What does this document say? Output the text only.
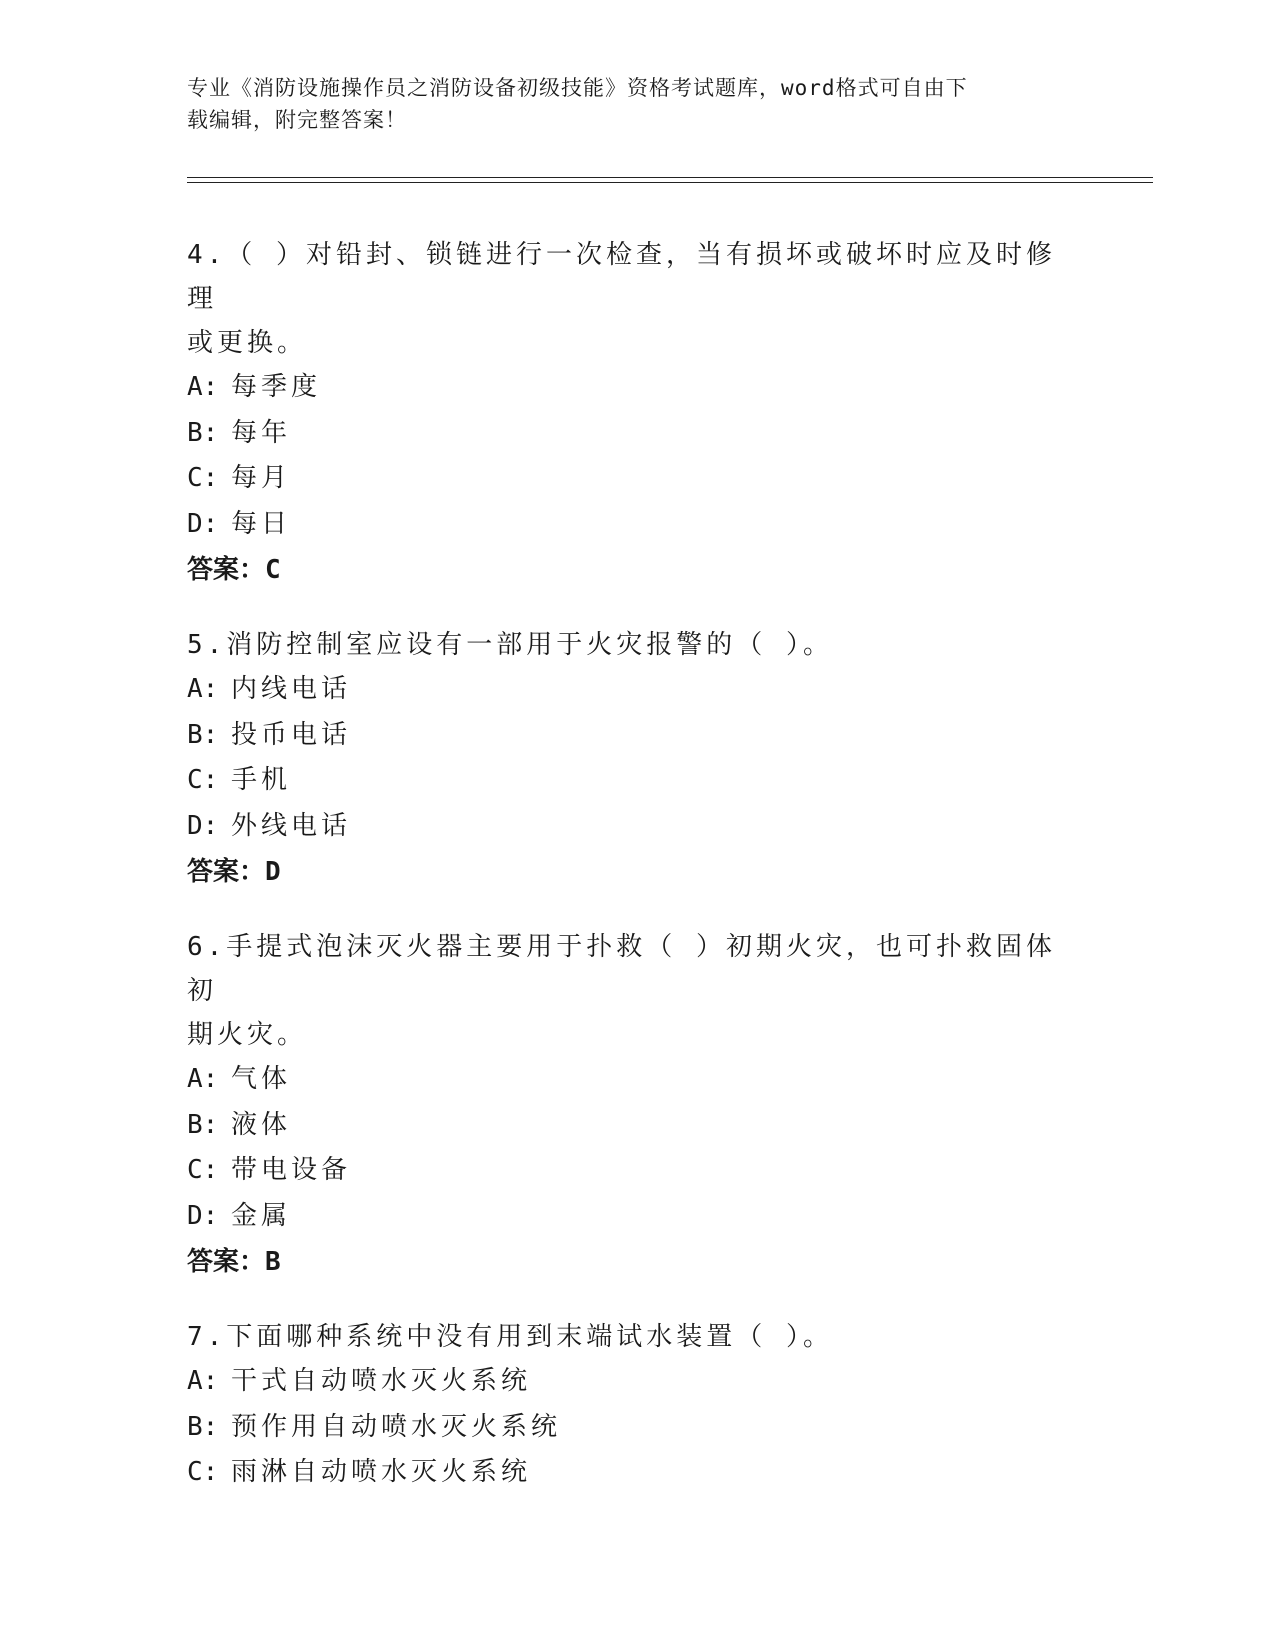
专业《消防设施操作员之消防设备初级技能》资格考试题库，word格式可自由下
载编辑，附完整答案！

4.（ ）对铅封、锁链进行一次检查，当有损坏或破坏时应及时修理

或更换。

A: 每季度

B: 每年

C: 每月

D: 每日

答案：C

5.消防控制室应设有一部用于火灾报警的（ ）。

A: 内线电话

B: 投币电话

C: 手机

D: 外线电话

答案：D

6.手提式泡沫灭火器主要用于扑救（ ）初期火灾，也可扑救固体初

期火灾。

A: 气体

B: 液体

C: 带电设备

D: 金属

答案：B

7.下面哪种系统中没有用到末端试水装置（ ）。

A: 干式自动喷水灭火系统

B: 预作用自动喷水灭火系统

C: 雨淋自动喷水灭火系统
